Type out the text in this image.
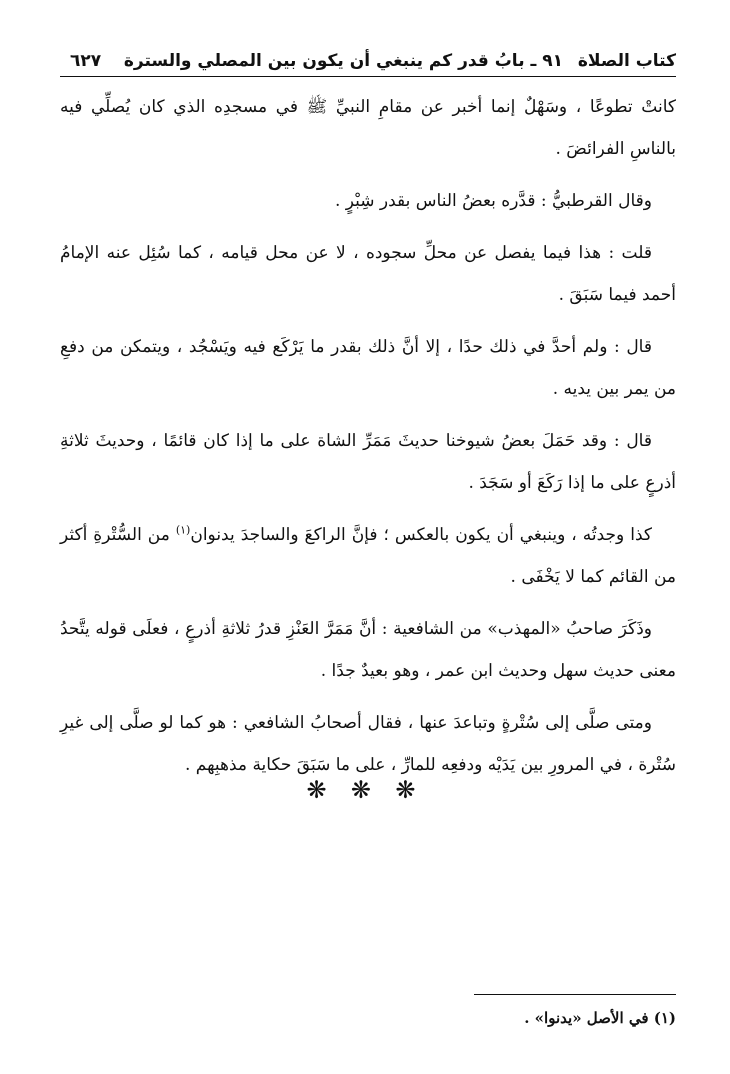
كتاب الصلاة
٩١ ـ بابُ قدر كم ينبغي أن يكون بين المصلي والسترة
٦٢٧

كانتْ تطوعًا ، وسَهْلٌ إنما أخبر عن مقامِ النبيِّ ﷺ في مسجدِه الذي كان يُصلِّي فيه بالناسِ الفرائضَ .

وقال القرطبيُّ : قدَّره بعضُ الناس بقدر شِبْرٍ .

قلت : هذا فيما يفصل عن محلِّ سجوده ، لا عن محل قيامه ، كما سُئِل عنه الإمامُ أحمد فيما سَبَقَ .

قال : ولم أحدَّ في ذلك حدًا ، إلا أنَّ ذلك بقدر ما يَرْكَع فيه ويَسْجُد ، ويتمكن من دفعِ من يمر بين يديه .

قال : وقد حَمَلَ بعضُ شيوخنا حديثَ مَمَرِّ الشاة على ما إذا كان قائمًا ، وحديثَ ثلاثةِ أذرعٍ على ما إذا رَكَعَ أو سَجَدَ .

كذا وجدتُه ، وينبغي أن يكون بالعكس ؛ فإنَّ الراكعَ والساجدَ يدنوان$^{(١)}$ من السُّتْرةِ أكثر من القائم كما لا يَخْفَى .

وذَكَرَ صاحبُ «المهذب» من الشافعية : أنَّ مَمَرَّ العَنْزِ قدرُ ثلاثةِ أذرعٍ ، فعلَى قوله يتَّحدُ معنى حديث سهل وحديث ابن عمر ، وهو بعيدٌ جدًا .

ومتى صلَّى إلى سُتْرةٍ وتباعدَ عنها ، فقال أصحابُ الشافعي : هو كما لو صلَّى إلى غيرِ سُتْرة ، في المرورِ بين يَدَيْه ودفعِه للمارِّ ، على ما سَبَقَ حكاية مذهبِهم .

❋ ❋ ❋
(١) في الأصل «يدنوا» .
